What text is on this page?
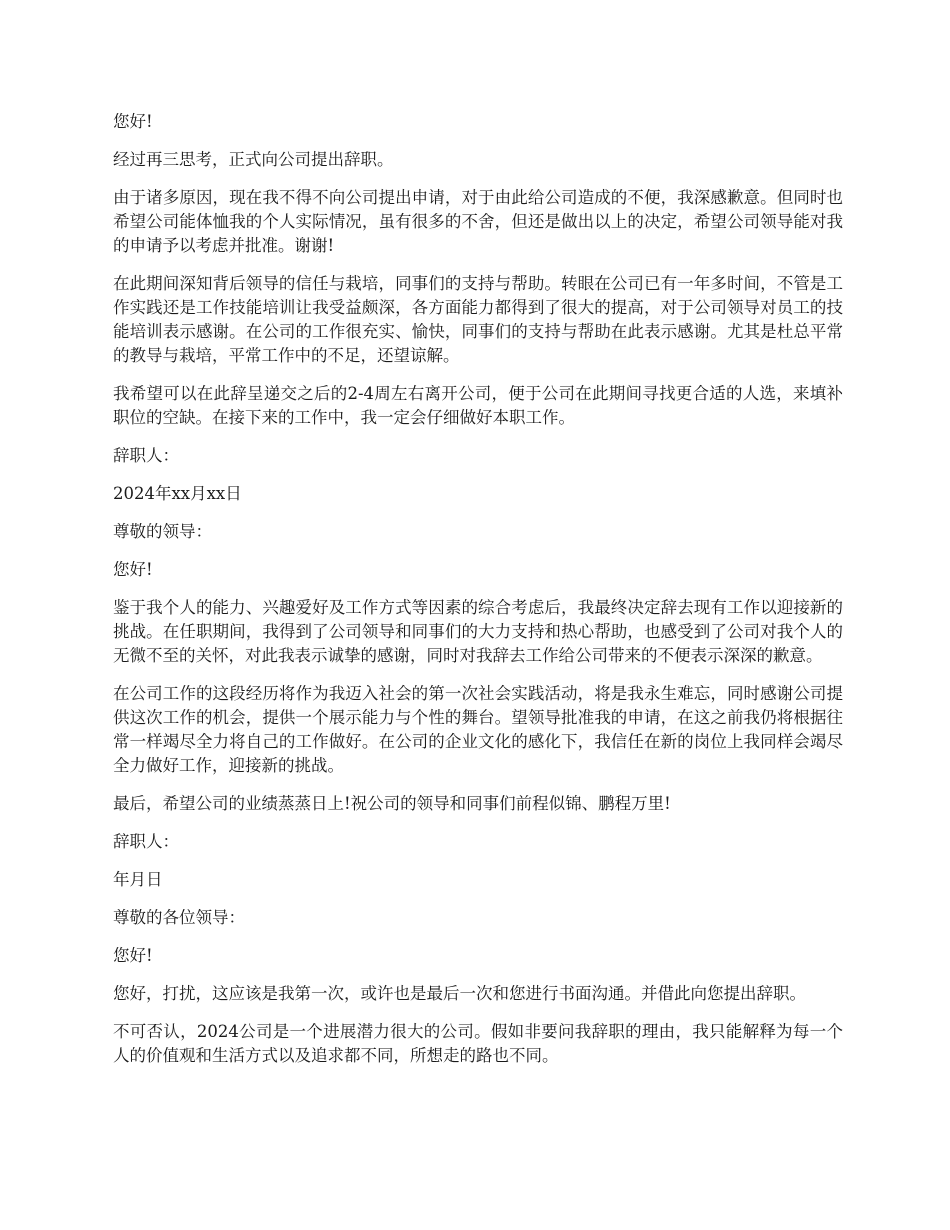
您好!

经过再三思考，正式向公司提出辞职。

由于诸多原因，现在我不得不向公司提出申请，对于由此给公司造成的不便，我深感歉意。但同时也希望公司能体恤我的个人实际情况，虽有很多的不舍，但还是做出以上的决定，希望公司领导能对我的申请予以考虑并批准。谢谢!

在此期间深知背后领导的信任与栽培，同事们的支持与帮助。转眼在公司已有一年多时间，不管是工作实践还是工作技能培训让我受益颇深，各方面能力都得到了很大的提高，对于公司领导对员工的技能培训表示感谢。在公司的工作很充实、愉快，同事们的支持与帮助在此表示感谢。尤其是杜总平常的教导与栽培，平常工作中的不足，还望谅解。

我希望可以在此辞呈递交之后的2-4周左右离开公司，便于公司在此期间寻找更合适的人选，来填补职位的空缺。在接下来的工作中，我一定会仔细做好本职工作。

辞职人：

2024年xx月xx日

尊敬的领导：

您好!

鉴于我个人的能力、兴趣爱好及工作方式等因素的综合考虑后，我最终决定辞去现有工作以迎接新的挑战。在任职期间，我得到了公司领导和同事们的大力支持和热心帮助，也感受到了公司对我个人的无微不至的关怀，对此我表示诚挚的感谢，同时对我辞去工作给公司带来的不便表示深深的歉意。

在公司工作的这段经历将作为我迈入社会的第一次社会实践活动，将是我永生难忘，同时感谢公司提供这次工作的机会，提供一个展示能力与个性的舞台。望领导批准我的申请，在这之前我仍将根据往常一样竭尽全力将自己的工作做好。在公司的企业文化的感化下，我信任在新的岗位上我同样会竭尽全力做好工作，迎接新的挑战。

最后，希望公司的业绩蒸蒸日上!祝公司的领导和同事们前程似锦、鹏程万里!

辞职人：

年月日

尊敬的各位领导：

您好!

您好，打扰，这应该是我第一次，或许也是最后一次和您进行书面沟通。并借此向您提出辞职。

不可否认，2024公司是一个进展潜力很大的公司。假如非要问我辞职的理由，我只能解释为每一个人的价值观和生活方式以及追求都不同，所想走的路也不同。
